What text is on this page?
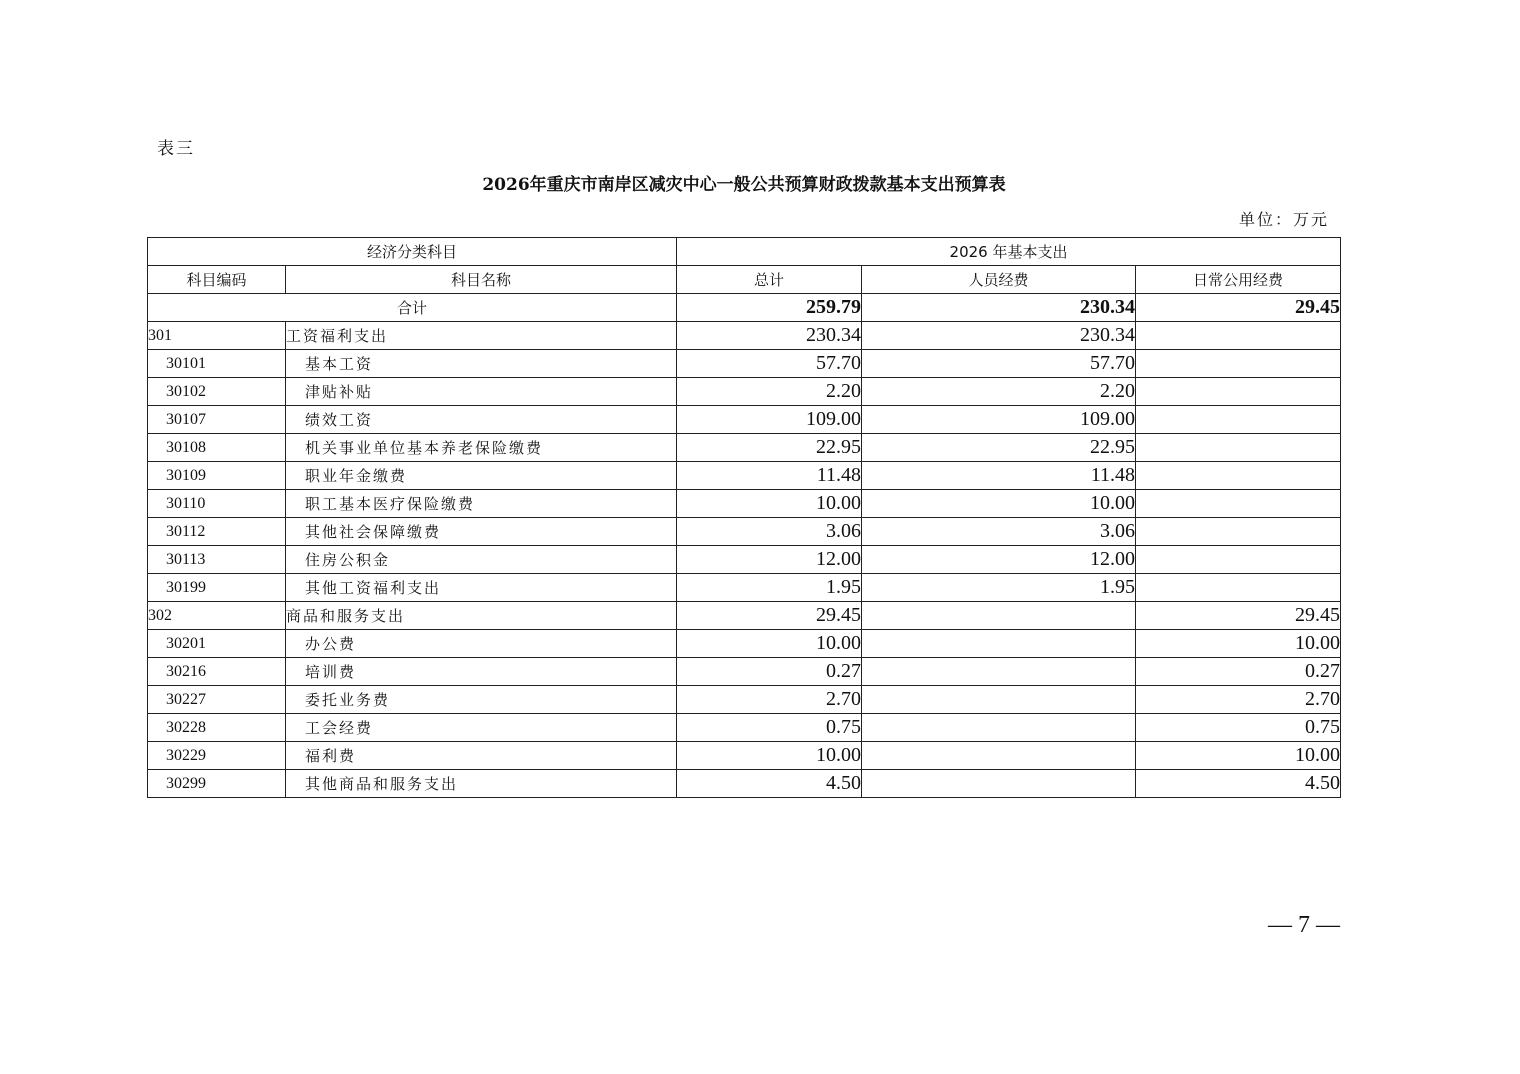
表三
2026年重庆市南岸区减灾中心一般公共预算财政拨款基本支出预算表
单位：万元
经济分类科目		2026 年基本支出		
科目编码	科目名称	总计	人员经费	日常公用经费
合计		259.79	230.34	29.45
301	工资福利支出	230.34	230.34	
30101	基本工资	57.70	57.70	
30102	津贴补贴	2.20	2.20	
30107	绩效工资	109.00	109.00	
30108	机关事业单位基本养老保险缴费	22.95	22.95	
30109	职业年金缴费	11.48	11.48	
30110	职工基本医疗保险缴费	10.00	10.00	
30112	其他社会保障缴费	3.06	3.06	
30113	住房公积金	12.00	12.00	
30199	其他工资福利支出	1.95	1.95	
302	商品和服务支出	29.45		29.45
30201	办公费	10.00		10.00
30216	培训费	0.27		0.27
30227	委托业务费	2.70		2.70
30228	工会经费	0.75		0.75
30229	福利费	10.00		10.00
30299	其他商品和服务支出	4.50		4.50
— 7 —
